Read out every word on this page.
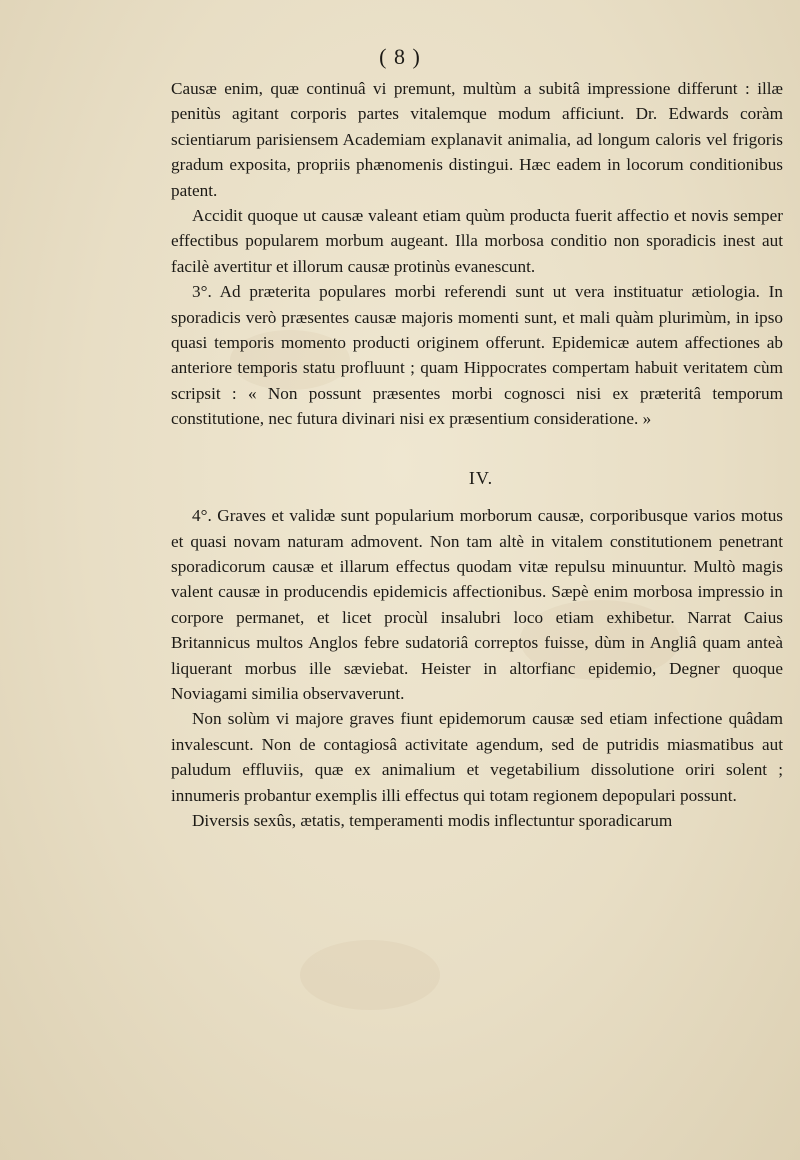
( 8 )

Causæ enim, quæ continuâ vi premunt, multùm a subitâ impressione differunt : illæ penitùs agitant corporis partes vitalemque modum afficiunt. Dr. Edwards coràm scientiarum parisiensem Academiam explanavit animalia, ad longum caloris vel frigoris gradum exposita, propriis phænomenis distingui. Hæc eadem in locorum conditionibus patent.

Accidit quoque ut causæ valeant etiam quùm producta fuerit affectio et novis semper effectibus popularem morbum augeant. Illa morbosa conditio non sporadicis inest aut facilè avertitur et illorum causæ protinùs evanescunt.

3°. Ad præterita populares morbi referendi sunt ut vera instituatur ætiologia. In sporadicis verò præsentes causæ majoris momenti sunt, et mali quàm plurimùm, in ipso quasi temporis momento producti originem offerunt. Epidemicæ autem affectiones ab anteriore temporis statu profluunt ; quam Hippocrates compertam habuit veritatem cùm scripsit : « Non possunt præsentes morbi cognosci nisi ex præteritâ temporum constitutione, nec futura divinari nisi ex præsentium consideratione. »

IV.

4°. Graves et validæ sunt popularium morborum causæ, corporibusque varios motus et quasi novam naturam admovent. Non tam altè in vitalem constitutionem penetrant sporadicorum causæ et illarum effectus quodam vitæ repulsu minuuntur. Multò magis valent causæ in producendis epidemicis affectionibus. Sæpè enim morbosa impressio in corpore permanet, et licet procùl insalubri loco etiam exhibetur. Narrat Caius Britannicus multos Anglos febre sudatoriâ correptos fuisse, dùm in Angliâ quam anteà liquerant morbus ille sæviebat. Heister in altorfianc epidemio, Degner quoque Noviagami similia observaverunt.

Non solùm vi majore graves fiunt epidemorum causæ sed etiam infectione quâdam invalescunt. Non de contagiosâ activitate agendum, sed de putridis miasmatibus aut paludum effluviis, quæ ex animalium et vegetabilium dissolutione oriri solent ; innumeris probantur exemplis illi effectus qui totam regionem depopulari possunt.

Diversis sexûs, ætatis, temperamenti modis inflectuntur sporadicarum
